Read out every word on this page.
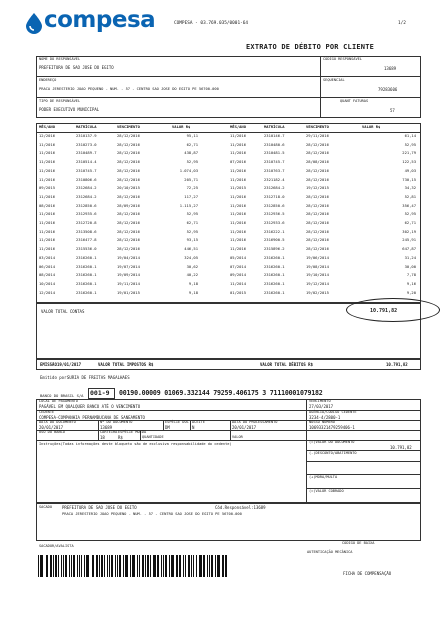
compesa	COMPESA - 03.769.035/0001-64	1/2
EXTRATO DE DÉBITO POR CLIENTE
NOME DO RESPONSÁVEL
PREFEITURA DE SAO JOSE DO EGITO
CÓDIGO RESPONSÁVEL
13689
ENDEREÇO
PRACA JERESTERIO JOAO PEQUENO - NUM. - 57 - CENTRO SAO JOSE DO EGITO PE 56700-000
SEQUENCIAL
79283606
TIPO DE RESPONSÁVEL
PODER EXECUTIVO MUNICIPAL
QUANT FATURAS
57
MÊS/ANO	MATRÍCULA	VENCIMENTO	VALOR R$	MÊS/ANO	MATRÍCULA	VENCIMENTO	VALOR R$
12/2016	2310137.9	28/12/2016	95,11	11/2016	2310146.7	29/11/2016	61,14
11/2016	2310273.0	28/12/2016	62,71	11/2016	2310480.6	28/12/2016	52,95
11/2016	2310489.7	28/12/2016	438,87	11/2016	2310481.5	28/12/2016	221,79
11/2016	2310514.4	28/12/2016	52,95	07/2016	2310745.7	28/08/2016	122,53
11/2016	2310745.7	28/12/2016	1.074,03	11/2016	2310763.7	28/12/2016	49,03
11/2016	2310806.6	28/12/2016	205,71	11/2016	2321182.4	28/12/2016	730,15
09/2015	2312684.2	20/10/2015	72,25	11/2015	2312684.2	19/12/2015	34,32
11/2016	2312684.2	28/12/2016	117,27	11/2016	2312718.0	28/12/2016	52,81
08/2016	2312850.6	28/09/2016	1.115,27	11/2016	2312850.6	28/12/2016	356,47
11/2016	2312935.6	28/12/2016	52,95	11/2016	2312936.5	28/12/2016	52,95
11/2016	2312720.8	28/12/2016	62,71	11/2016	2312933.6	28/12/2016	62,71
11/2016	2313508.6	28/12/2016	52,95	11/2016	2316222.1	28/12/2016	302,19
11/2016	2316477.8	28/12/2016	93,15	11/2016	2316900.5	28/12/2016	245,91
11/2016	2315536.0	28/12/2016	446,51	11/2016	2315896.2	28/12/2016	647,87
03/2014	2316260.1	19/04/2014	324,05	05/2014	2316260.1	19/06/2014	31,24
06/2014	2316260.1	19/07/2014	30,62	07/2014	2316260.1	19/08/2014	30,00
08/2014	2316260.1	19/09/2014	40,22	09/2014	2316260.1	19/10/2014	7,78
10/2014	2316260.1	19/11/2014	9,18	11/2014	2316260.1	19/12/2014	9,16
12/2014	2316260.1	19/01/2015	9,18	01/2015	2316260.1	19/02/2015	9,20
VALOR TOTAL CONTAS	10.791,82
EMISSÃO 19/01/2017	VALOR TOTAL IMPOSTOS R$	VALOR TOTAL DÉBITOS R$	10.791,82
Emitido por:
SURIA DE FREITAS MAGALHAES
BANCO DO BRASIL S/A 001-9 00190.00009 01069.332144 79259.406175 3 71110001079182
LOCAL DE PAGAMENTO
PAGÁVEL EM QUALQUER BANCO ATÉ O VENCIMENTO
VENCIMENTO
27/03/2017
CEDENTE
COMPESA-COMPANHIA PERNAMBUCANA DE SANEAMENTO
AGÊNCIA/CÓDIGO CEDENTE
3234-4/2800-1
DATA DO DOCUMENTO
20/01/2017
Nº DO DOCUMENTO
13689
ESPÉCIE DOC
DM
ACEITE
N
DATA DO PROCESSAMENTO
20/01/2017
NOSSO NÚMERO
10693321479259406-1
USO DO BANCO	CARTEIRA
18
ESPÉCIE MOEDA
R$	QUANTIDADE	VALOR
Instruções(Todas informações deste bloqueto são de exclusiva responsabilidade do cedente)	(=)VALOR DO DOCUMENTO
10.791,82
(-)DESCONTO/ABATIMENTO
(+)MORA/MULTA
(=)VALOR COBRADO
SACADO	PREFEITURA DE SAO JOSE DO EGITO	Cód.Responsável:13689
PRACA JERESTERIO JOAO PEQUENO - NUM. - 57 - CENTRO SAO JOSE DO EGITO PE 56700-000
SACADOR/AVALISTA
CÓDIGO DE BAIXA
AUTENTICAÇÃO MECÂNICA
FICHA DE COMPENSAÇÃO
